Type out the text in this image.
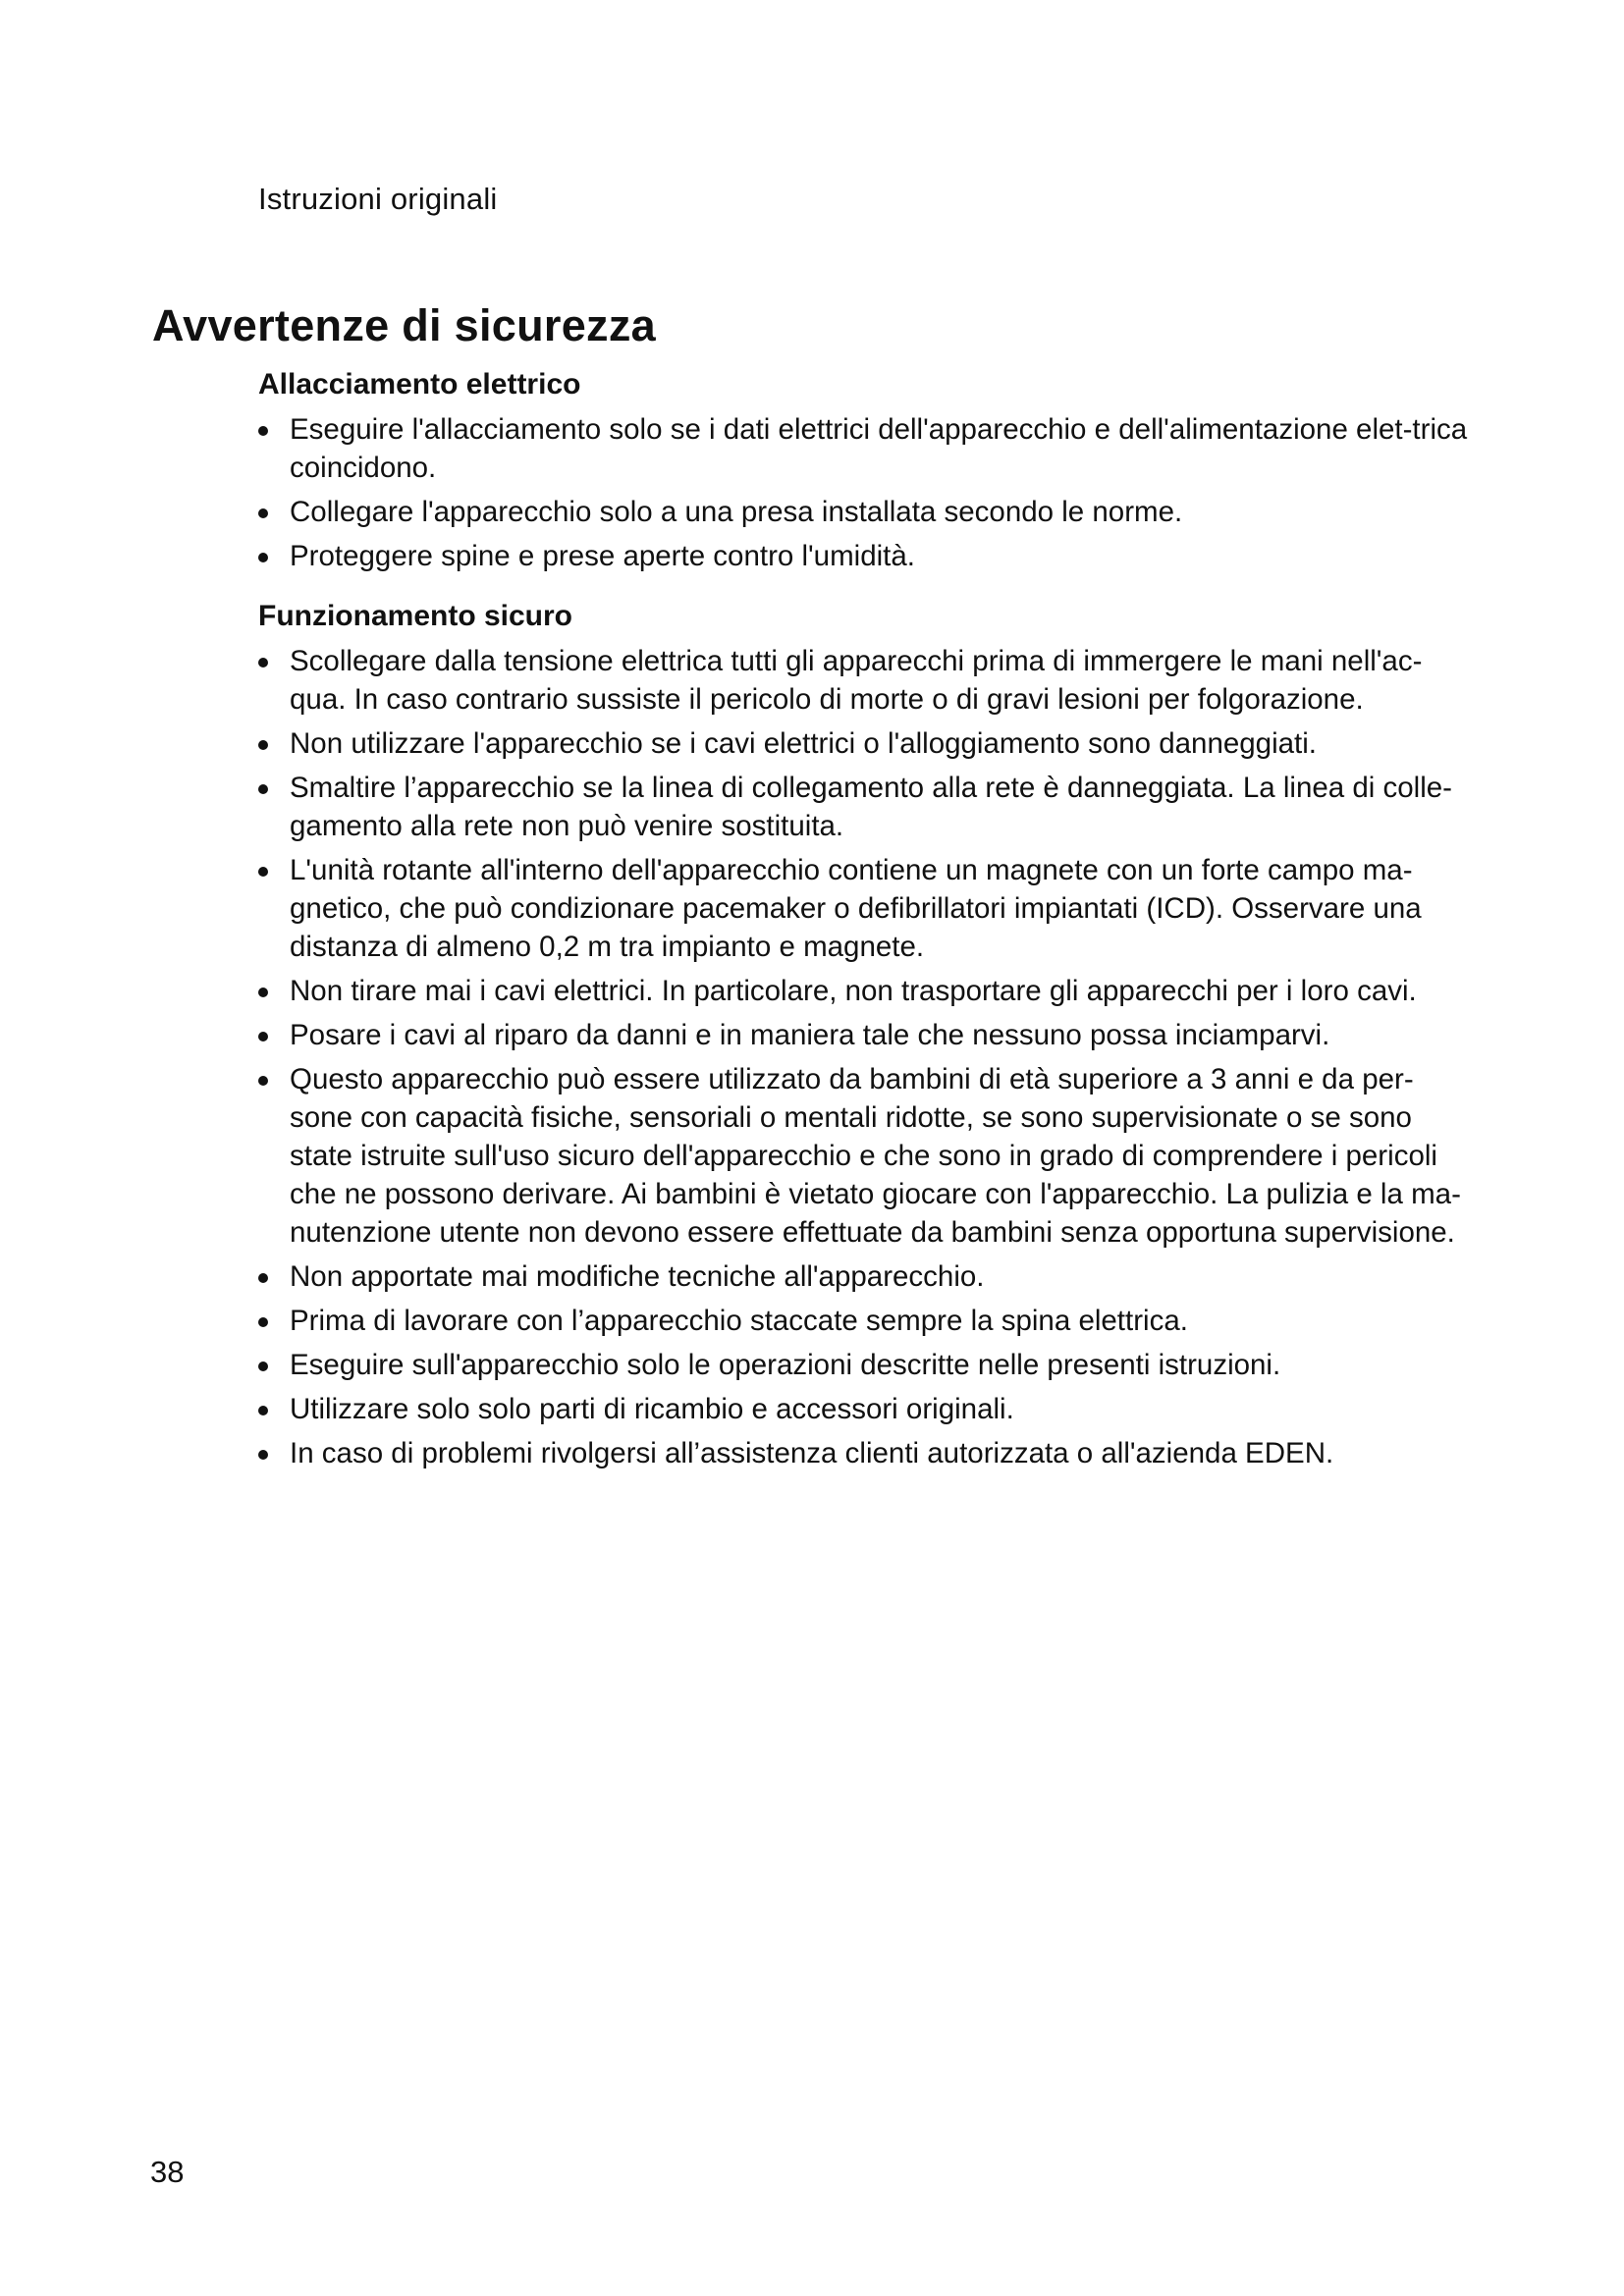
Istruzioni originali
Avvertenze di sicurezza
Allacciamento elettrico
Eseguire l'allacciamento solo se i dati elettrici dell'apparecchio e dell'alimentazione elet-trica coincidono.
Collegare l'apparecchio solo a una presa installata secondo le norme.
Proteggere spine e prese aperte contro l'umidità.
Funzionamento sicuro
Scollegare dalla tensione elettrica tutti gli apparecchi prima di immergere le mani nell'ac-qua. In caso contrario sussiste il pericolo di morte o di gravi lesioni per folgorazione.
Non utilizzare l'apparecchio se i cavi elettrici o l'alloggiamento sono danneggiati.
Smaltire l’apparecchio se la linea di collegamento alla rete è danneggiata. La linea di colle-gamento alla rete non può venire sostituita.
L'unità rotante all'interno dell'apparecchio contiene un magnete con un forte campo ma-gnetico, che può condizionare pacemaker o defibrillatori impiantati (ICD). Osservare una distanza di almeno 0,2 m tra impianto e magnete.
Non tirare mai i cavi elettrici. In particolare, non trasportare gli apparecchi per i loro cavi.
Posare i cavi al riparo da danni e in maniera tale che nessuno possa inciamparvi.
Questo apparecchio può essere utilizzato da bambini di età superiore a 3 anni e da per-sone con capacità fisiche, sensoriali o mentali ridotte, se sono supervisionate o se sono state istruite sull'uso sicuro dell'apparecchio e che sono in grado di comprendere i pericoli che ne possono derivare. Ai bambini è vietato giocare con l'apparecchio. La pulizia e la ma-nutenzione utente non devono essere effettuate da bambini senza opportuna supervisione.
Non apportate mai modifiche tecniche all'apparecchio.
Prima di lavorare con l’apparecchio staccate sempre la spina elettrica.
Eseguire sull'apparecchio solo le operazioni descritte nelle presenti istruzioni.
Utilizzare solo solo parti di ricambio e accessori originali.
In caso di problemi rivolgersi all’assistenza clienti autorizzata o all'azienda EDEN.
38
